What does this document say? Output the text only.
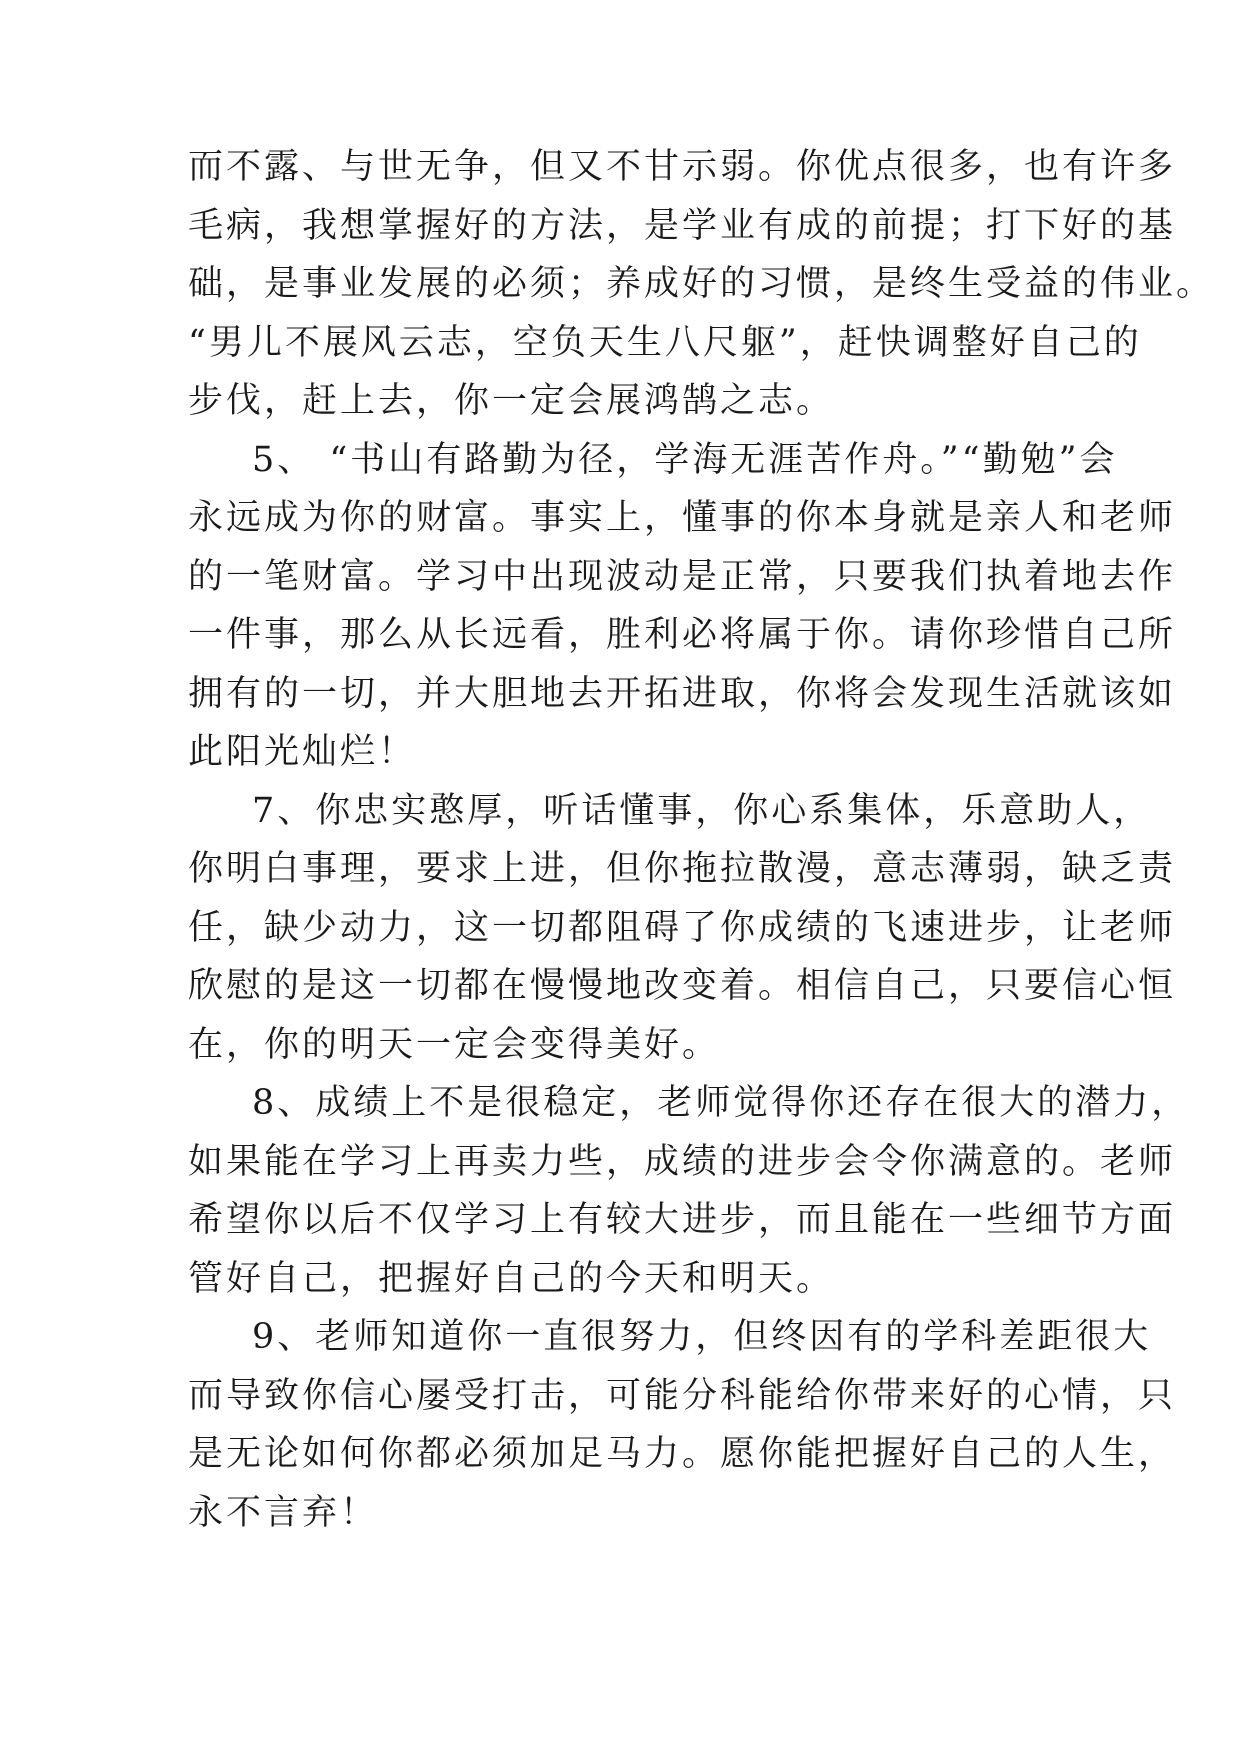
而不露、与世无争，但又不甘示弱。你优点很多，也有许多
毛病，我想掌握好的方法，是学业有成的前提；打下好的基
础，是事业发展的必须；养成好的习惯，是终生受益的伟业。
“男儿不展风云志，空负天生八尺躯”，赶快调整好自己的
步伐，赶上去，你一定会展鸿鹄之志。
5、 “书山有路勤为径，学海无涯苦作舟。”“勤勉”会
永远成为你的财富。事实上，懂事的你本身就是亲人和老师
的一笔财富。学习中出现波动是正常，只要我们执着地去作
一件事，那么从长远看，胜利必将属于你。请你珍惜自己所
拥有的一切，并大胆地去开拓进取，你将会发现生活就该如
此阳光灿烂！
7、你忠实憨厚，听话懂事，你心系集体，乐意助人，
你明白事理，要求上进，但你拖拉散漫，意志薄弱，缺乏责
任，缺少动力，这一切都阻碍了你成绩的飞速进步，让老师
欣慰的是这一切都在慢慢地改变着。相信自己，只要信心恒
在，你的明天一定会变得美好。
8、成绩上不是很稳定，老师觉得你还存在很大的潜力，
如果能在学习上再卖力些，成绩的进步会令你满意的。老师
希望你以后不仅学习上有较大进步，而且能在一些细节方面
管好自己，把握好自己的今天和明天。
9、老师知道你一直很努力，但终因有的学科差距很大
而导致你信心屡受打击，可能分科能给你带来好的心情，只
是无论如何你都必须加足马力。愿你能把握好自己的人生，
永不言弃！
